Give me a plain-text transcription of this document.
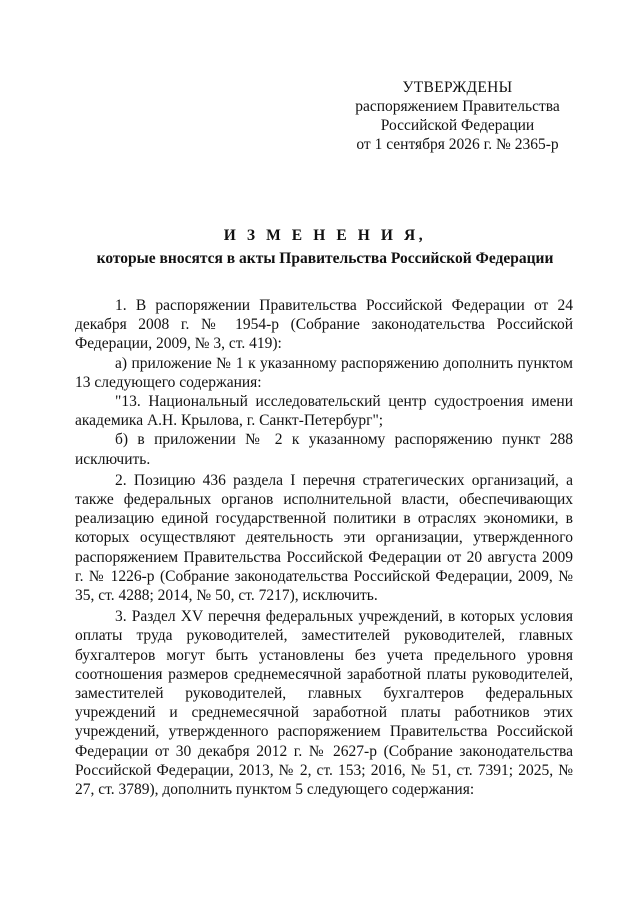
УТВЕРЖДЕНЫ
распоряжением Правительства
Российской Федерации
от 1 сентября 2026 г. № 2365-р
И З М Е Н Е Н И Я,
которые вносятся в акты Правительства Российской Федерации

1. В распоряжении Правительства Российской Федерации от 24 декабря 2008 г. № 1954-р (Собрание законодательства Российской Федерации, 2009, № 3, ст. 419):

а) приложение № 1 к указанному распоряжению дополнить пунктом 13 следующего содержания:

"13. Национальный исследовательский центр судостроения имени академика А.Н. Крылова, г. Санкт-Петербург";

б) в приложении № 2 к указанному распоряжению пункт 288 исключить.

2. Позицию 436 раздела I перечня стратегических организаций, а также федеральных органов исполнительной власти, обеспечивающих реализацию единой государственной политики в отраслях экономики, в которых осуществляют деятельность эти организации, утвержденного распоряжением Правительства Российской Федерации от 20 августа 2009 г. № 1226-р (Собрание законодательства Российской Федерации, 2009, № 35, ст. 4288; 2014, № 50, ст. 7217), исключить.

3. Раздел XV перечня федеральных учреждений, в которых условия оплаты труда руководителей, заместителей руководителей, главных бухгалтеров могут быть установлены без учета предельного уровня соотношения размеров среднемесячной заработной платы руководителей, заместителей руководителей, главных бухгалтеров федеральных учреждений и среднемесячной заработной платы работников этих учреждений, утвержденного распоряжением Правительства Российской Федерации от 30 декабря 2012 г. № 2627-р (Собрание законодательства Российской Федерации, 2013, № 2, ст. 153; 2016, № 51, ст. 7391; 2025, № 27, ст. 3789), дополнить пунктом 5 следующего содержания:
